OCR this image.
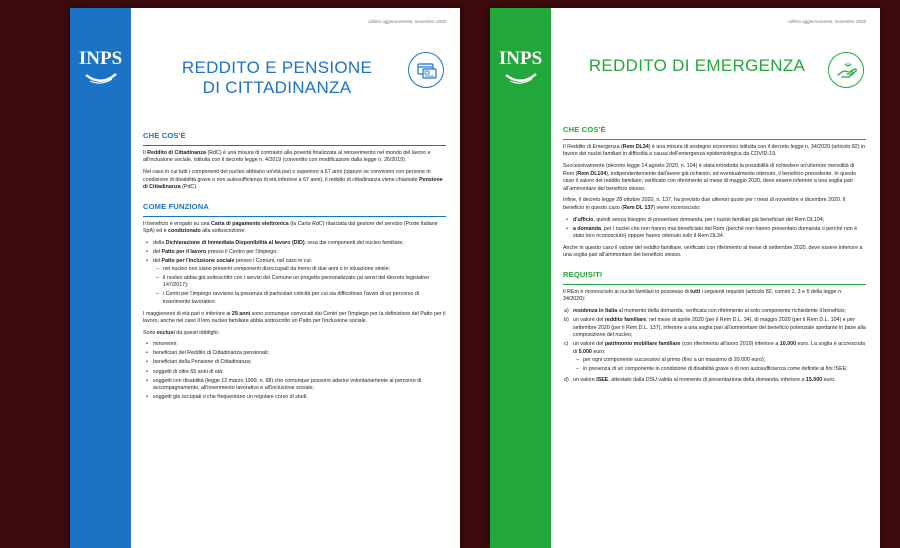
INPS
Ultimo aggiornamento: novembre 2020
REDDITO E PENSIONE
DI CITTADINANZA
CHE COS'È

Il Reddito di Cittadinanza (RdC) è una misura di contrasto alla povertà finalizzata al reinserimento nel mondo del lavoro e all'inclusione sociale, istituita con il decreto legge n. 4/2019 (convertito con modificazioni dalla legge n. 26/2019).

Nel caso in cui tutti i componenti del nucleo abbiano un'età pari o superiore a 67 anni (oppure se convivono con persone in condizione di disabilità grave o non autosufficienza di età inferiore a 67 anni), il reddito di cittadinanza viene chiamato Pensione di Cittadinanza (PdC).

COME FUNZIONA

Il beneficio è erogato su una Carta di pagamento elettronica (la Carta RdC) rilasciata dal gestore del servizio (Poste Italiane SpA) ed è condizionato alla sottoscrizione:

• della Dichiarazione di Immediata Disponibilità al lavoro (DID), resa dai componenti del nucleo familiare;
• del Patto per il lavoro presso il Centro per l'impiego;
• del Patto per l'inclusione sociale presso i Comuni, nel caso in cui:
– nel nucleo non siano presenti componenti disoccupati da meno di due anni o in situazione simile;
– il nucleo abbia già sottoscritto con i servizi del Comune un progetto personalizzato (ai sensi del decreto legislativo 147/2017);
– i Centri per l'impiego ravvisino la presenza di particolari criticità per cui sia difficoltoso l'avvio di un percorso di inserimento lavorativo.

I maggiorenni di età pari o inferiore ai 29 anni sono comunque convocati dai Centri per l'impiego per la definizione del Patto per il lavoro, anche nel caso il loro nucleo familiare abbia sottoscritto un Patto per l'inclusione sociale.

Sono esclusi da questi obblighi:

• minorenni;
• beneficiari del Reddito di Cittadinanza pensionati;
• beneficiari della Pensione di Cittadinanza;
• soggetti di oltre 65 anni di età;
• soggetti con disabilità (legge 12 marzo 1999, n. 68) che comunque possono aderire volontariamente al percorso di accompagnamento, all'inserimento lavorativo e all'inclusione sociale;
• soggetti già occupati o che frequentano un regolare corso di studi.
INPS
Ultimo aggiornamento: novembre 2020
REDDITO DI EMERGENZA
CHE COS'È

Il Reddito di Emergenza (Rem DL34) è una misura di sostegno economico istituita con il decreto legge n. 34/2020 (articolo 82) in favore dei nuclei familiari in difficoltà a causa dell'emergenza epidemiologica da COVID-19.

Successivamente (decreto legge 14 agosto 2020, n. 104) è stata introdotta la possibilità di richiedere un'ulteriore mensilità di Rem (Rem DL104), indipendentemente dall'avere già richiesto, ed eventualmente ottenuto, il beneficio precedente. In questo caso il valore del reddito familiare, verificato con riferimento al mese di maggio 2020, deve essere inferiore a una soglia pari all'ammontare del beneficio stesso.

Infine, il decreto legge 28 ottobre 2020, n. 137, ha previsto due ulteriori quote per i mesi di novembre e dicembre 2020. Il beneficio in questo caso (Rem DL 137) viene riconosciuto:

• d'ufficio, quindi senza bisogno di presentare domanda, per i nuclei familiari già beneficiari del Rem DL104;
• a domanda, per i nuclei che non hanno mai beneficiato del Rem (perché non hanno presentato domanda o perché non è stato loro riconosciuto) oppure hanno ottenuto solo il Rem DL34.

Anche in questo caso il valore del reddito familiare, verificato con riferimento al mese di settembre 2020, deve essere inferiore a una soglia pari all'ammontare del beneficio stesso.

REQUISITI

Il REm è riconosciuto ai nuclei familiari in possesso di tutti i seguenti requisiti (articolo 82, commi 2, 3 e 6 della legge n. 34/2020):

a) residenza in Italia al momento della domanda, verificata con riferimento al solo componente richiedente il beneficio;
b) un valore del reddito familiare, nel mese di aprile 2020 (per il Rem D.L. 34), di maggio 2020 (per il Rem D.L. 104) e per settembre 2020 (per il Rem D.L. 137), inferiore a una soglia pari all'ammontare del beneficio potenziale spettante in base alla composizione del nucleo;
c) un valore del patrimonio mobiliare familiare (con riferimento all'anno 2019) inferiore a 10.000 euro. La soglia è accresciuta di 5.000 euro:
– per ogni componente successivo al primo (fino a un massimo di 20.000 euro);
– in presenza di un componente in condizione di disabilità grave o di non autosufficienza come definite ai fini ISEE;
d) un valore ISEE, attestato dalla DSU valida al momento di presentazione della domanda, inferiore a 15.000 euro.
